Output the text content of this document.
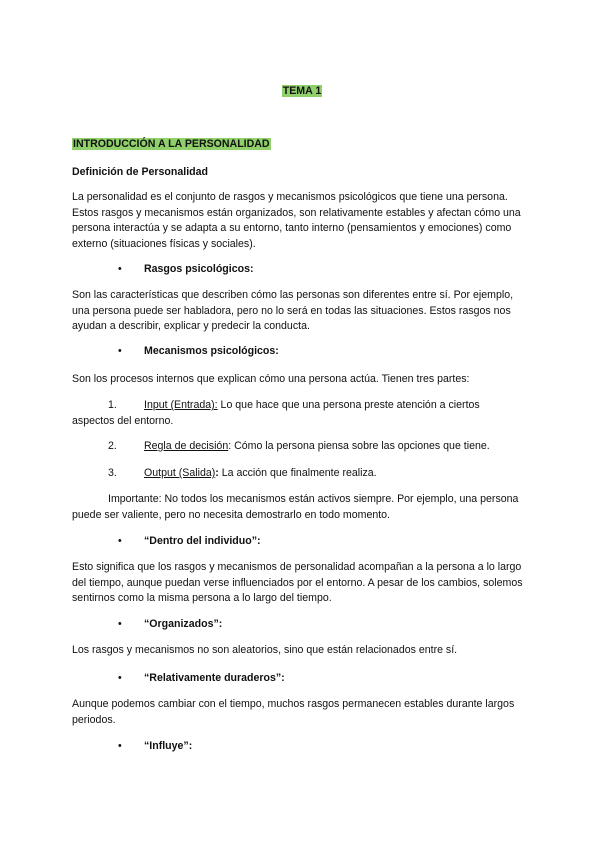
TEMA 1
INTRODUCCIÓN A LA PERSONALIDAD
Definición de Personalidad

La personalidad es el conjunto de rasgos y mecanismos psicológicos que tiene una persona. Estos rasgos y mecanismos están organizados, son relativamente estables y afectan cómo una persona interactúa y se adapta a su entorno, tanto interno (pensamientos y emociones) como externo (situaciones físicas y sociales).

• Rasgos psicológicos:

Son las características que describen cómo las personas son diferentes entre sí. Por ejemplo, una persona puede ser habladora, pero no lo será en todas las situaciones. Estos rasgos nos ayudan a describir, explicar y predecir la conducta.

• Mecanismos psicológicos:

Son los procesos internos que explican cómo una persona actúa. Tienen tres partes:

1.	Input (Entrada): Lo que hace que una persona preste atención a ciertos
aspectos del entorno.
2.	Regla de decisión: Cómo la persona piensa sobre las opciones que tiene.
3.	Output (Salida): La acción que finalmente realiza.

Importante: No todos los mecanismos están activos siempre. Por ejemplo, una persona puede ser valiente, pero no necesita demostrarlo en todo momento.

• “Dentro del individuo”:

Esto significa que los rasgos y mecanismos de personalidad acompañan a la persona a lo largo del tiempo, aunque puedan verse influenciados por el entorno. A pesar de los cambios, solemos sentirnos como la misma persona a lo largo del tiempo.

• “Organizados”:

Los rasgos y mecanismos no son aleatorios, sino que están relacionados entre sí.

• “Relativamente duraderos”:

Aunque podemos cambiar con el tiempo, muchos rasgos permanecen estables durante largos periodos.

• “Influye”:
